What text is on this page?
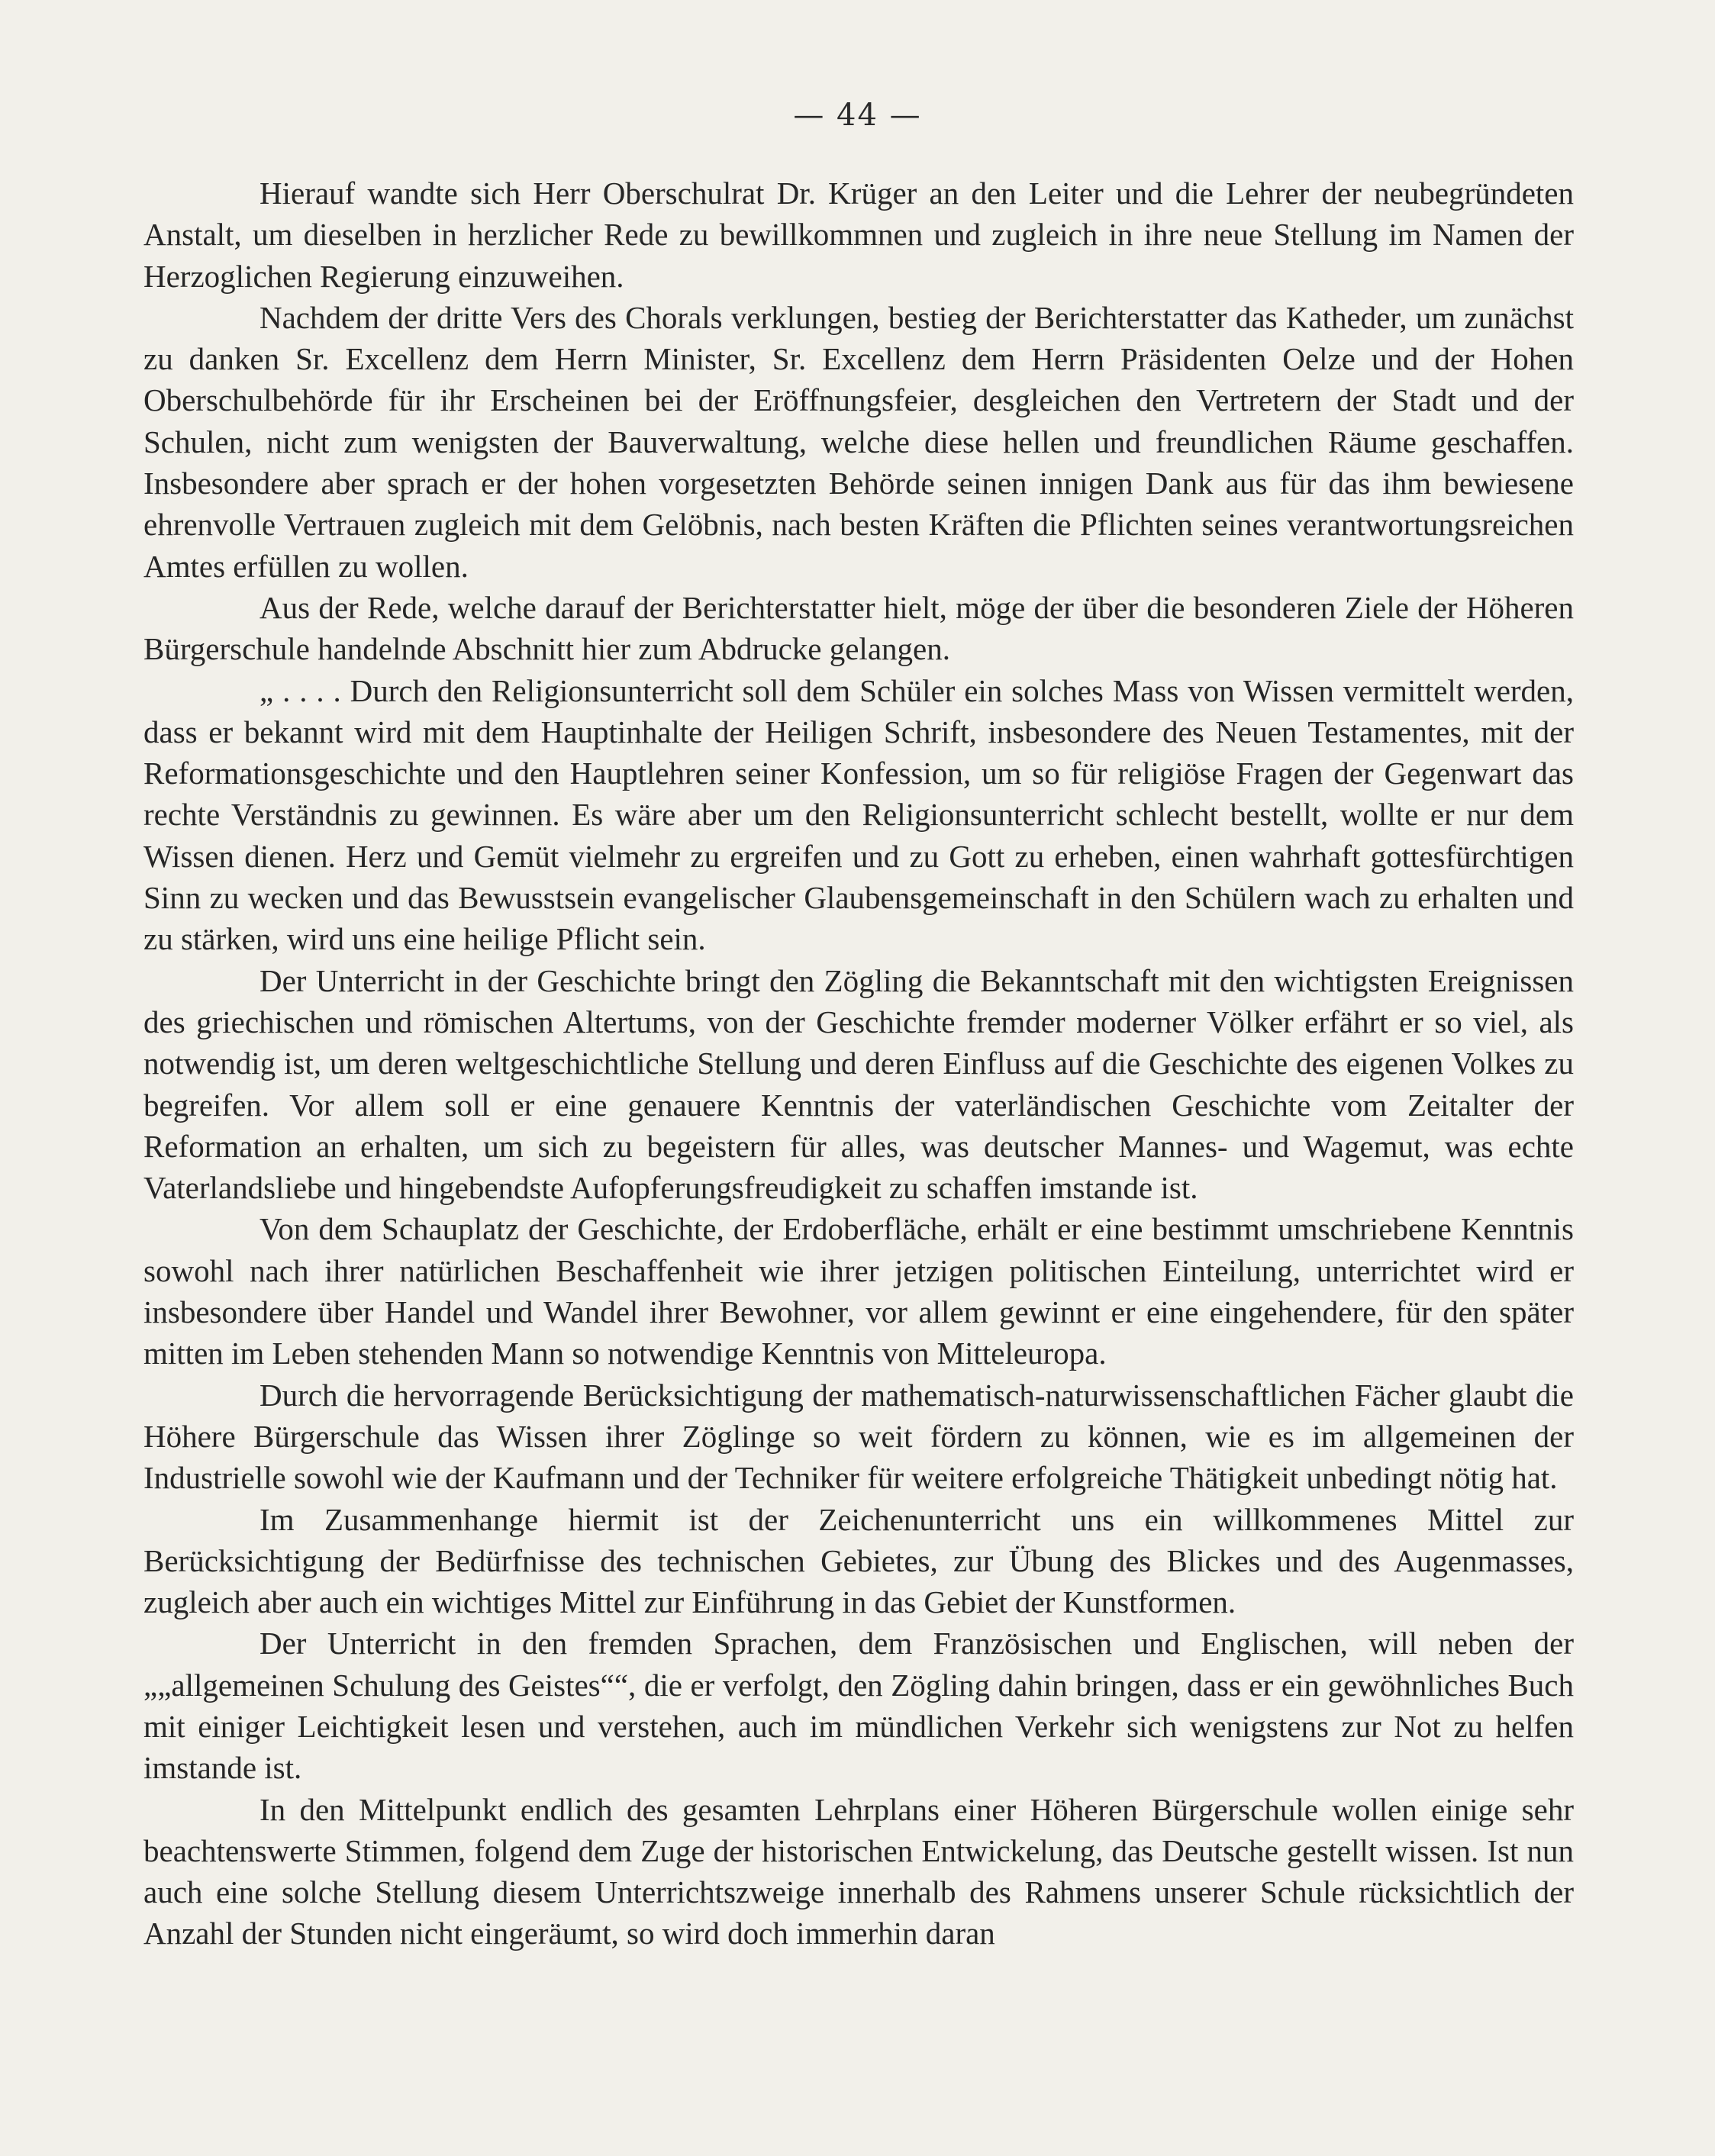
— 44 —

Hierauf wandte sich Herr Oberschulrat Dr. Krüger an den Leiter und die Lehrer der neubegründeten Anstalt, um dieselben in herzlicher Rede zu bewillkommnen und zugleich in ihre neue Stellung im Namen der Herzoglichen Regierung einzuweihen.

Nachdem der dritte Vers des Chorals verklungen, bestieg der Berichterstatter das Katheder, um zunächst zu danken Sr. Excellenz dem Herrn Minister, Sr. Excellenz dem Herrn Präsidenten Oelze und der Hohen Oberschulbehörde für ihr Erscheinen bei der Eröffnungsfeier, desgleichen den Vertretern der Stadt und der Schulen, nicht zum wenigsten der Bauverwaltung, welche diese hellen und freundlichen Räume geschaffen. Insbesondere aber sprach er der hohen vorgesetzten Behörde seinen innigen Dank aus für das ihm bewiesene ehrenvolle Vertrauen zugleich mit dem Gelöbnis, nach besten Kräften die Pflichten seines verantwortungsreichen Amtes erfüllen zu wollen.

Aus der Rede, welche darauf der Berichterstatter hielt, möge der über die besonderen Ziele der Höheren Bürgerschule handelnde Abschnitt hier zum Abdrucke gelangen.

„ . . . . Durch den Religionsunterricht soll dem Schüler ein solches Mass von Wissen vermittelt werden, dass er bekannt wird mit dem Hauptinhalte der Heiligen Schrift, insbesondere des Neuen Testamentes, mit der Reformationsgeschichte und den Hauptlehren seiner Konfession, um so für religiöse Fragen der Gegenwart das rechte Verständnis zu gewinnen. Es wäre aber um den Religionsunterricht schlecht bestellt, wollte er nur dem Wissen dienen. Herz und Gemüt vielmehr zu ergreifen und zu Gott zu erheben, einen wahrhaft gottesfürchtigen Sinn zu wecken und das Bewusstsein evangelischer Glaubensgemeinschaft in den Schülern wach zu erhalten und zu stärken, wird uns eine heilige Pflicht sein.

Der Unterricht in der Geschichte bringt den Zögling die Bekanntschaft mit den wichtigsten Ereignissen des griechischen und römischen Altertums, von der Geschichte fremder moderner Völker erfährt er so viel, als notwendig ist, um deren weltgeschichtliche Stellung und deren Einfluss auf die Geschichte des eigenen Volkes zu begreifen. Vor allem soll er eine genauere Kenntnis der vaterländischen Geschichte vom Zeitalter der Reformation an erhalten, um sich zu begeistern für alles, was deutscher Mannes- und Wagemut, was echte Vaterlandsliebe und hingebendste Aufopferungsfreudigkeit zu schaffen imstande ist.

Von dem Schauplatz der Geschichte, der Erdoberfläche, erhält er eine bestimmt umschriebene Kenntnis sowohl nach ihrer natürlichen Beschaffenheit wie ihrer jetzigen politischen Einteilung, unterrichtet wird er insbesondere über Handel und Wandel ihrer Bewohner, vor allem gewinnt er eine eingehendere, für den später mitten im Leben stehenden Mann so notwendige Kenntnis von Mitteleuropa.

Durch die hervorragende Berücksichtigung der mathematisch-naturwissenschaftlichen Fächer glaubt die Höhere Bürgerschule das Wissen ihrer Zöglinge so weit fördern zu können, wie es im allgemeinen der Industrielle sowohl wie der Kaufmann und der Techniker für weitere erfolgreiche Thätigkeit unbedingt nötig hat.

Im Zusammenhange hiermit ist der Zeichenunterricht uns ein willkommenes Mittel zur Berücksichtigung der Bedürfnisse des technischen Gebietes, zur Übung des Blickes und des Augenmasses, zugleich aber auch ein wichtiges Mittel zur Einführung in das Gebiet der Kunstformen.

Der Unterricht in den fremden Sprachen, dem Französischen und Englischen, will neben der „„allgemeinen Schulung des Geistes““, die er verfolgt, den Zögling dahin bringen, dass er ein gewöhnliches Buch mit einiger Leichtigkeit lesen und verstehen, auch im mündlichen Verkehr sich wenigstens zur Not zu helfen imstande ist.

In den Mittelpunkt endlich des gesamten Lehrplans einer Höheren Bürgerschule wollen einige sehr beachtenswerte Stimmen, folgend dem Zuge der historischen Entwickelung, das Deutsche gestellt wissen. Ist nun auch eine solche Stellung diesem Unterrichtszweige innerhalb des Rahmens unserer Schule rücksichtlich der Anzahl der Stunden nicht eingeräumt, so wird doch immerhin daran
